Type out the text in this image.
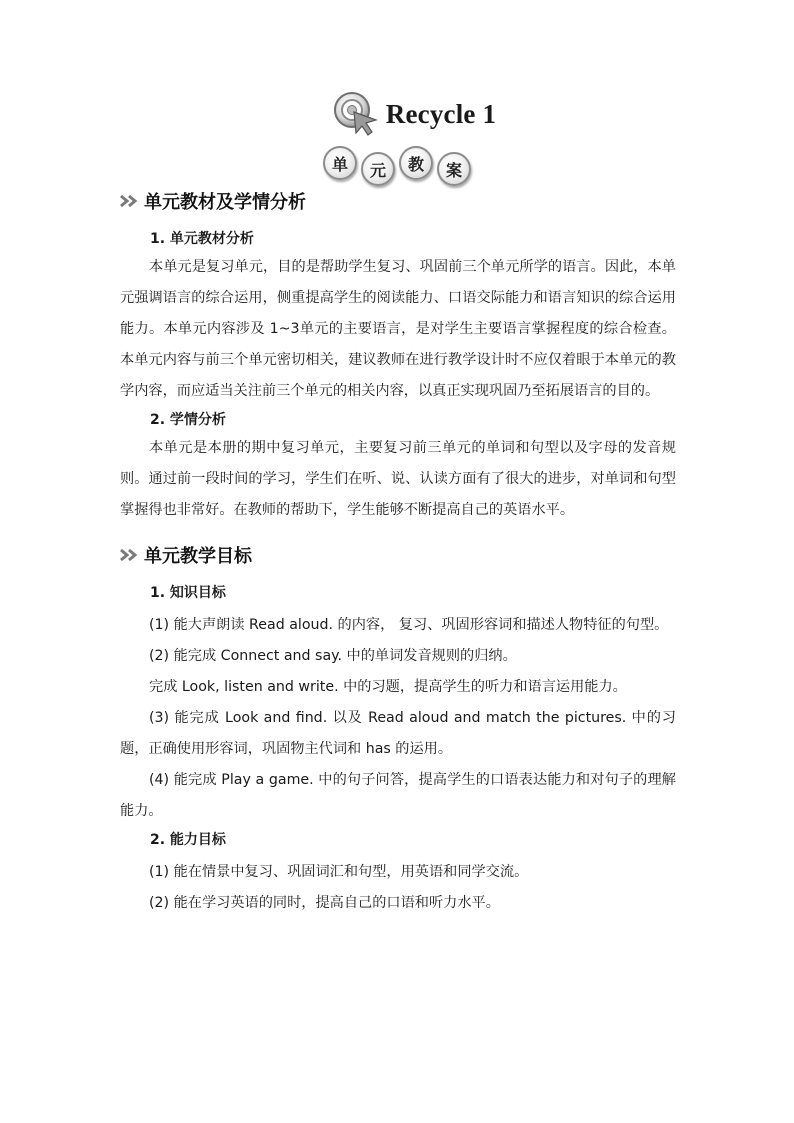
Recycle 1
单	元	教	案
单元教材及学情分析
1. 单元教材分析

本单元是复习单元，目的是帮助学生复习、巩固前三个单元所学的语言。因此，本单元强调语言的综合运用，侧重提高学生的阅读能力、口语交际能力和语言知识的综合运用能力。本单元内容涉及 1~3单元的主要语言，是对学生主要语言掌握程度的综合检查。本单元内容与前三个单元密切相关，建议教师在进行教学设计时不应仅着眼于本单元的教学内容，而应适当关注前三个单元的相关内容，以真正实现巩固乃至拓展语言的目的。

2. 学情分析

本单元是本册的期中复习单元，主要复习前三单元的单词和句型以及字母的发音规则。通过前一段时间的学习，学生们在听、说、认读方面有了很大的进步，对单词和句型掌握得也非常好。在教师的帮助下，学生能够不断提高自己的英语水平。

单元教学目标
1. 知识目标

(1) 能大声朗读 Read aloud. 的内容， 复习、巩固形容词和描述人物特征的句型。

(2) 能完成 Connect and say. 中的单词发音规则的归纳。

完成 Look, listen and write. 中的习题，提高学生的听力和语言运用能力。

(3) 能完成 Look and find. 以及 Read aloud and match the pictures. 中的习题，正确使用形容词，巩固物主代词和 has 的运用。

(4) 能完成 Play a game. 中的句子问答，提高学生的口语表达能力和对句子的理解能力。

2. 能力目标

(1) 能在情景中复习、巩固词汇和句型，用英语和同学交流。

(2) 能在学习英语的同时，提高自己的口语和听力水平。
